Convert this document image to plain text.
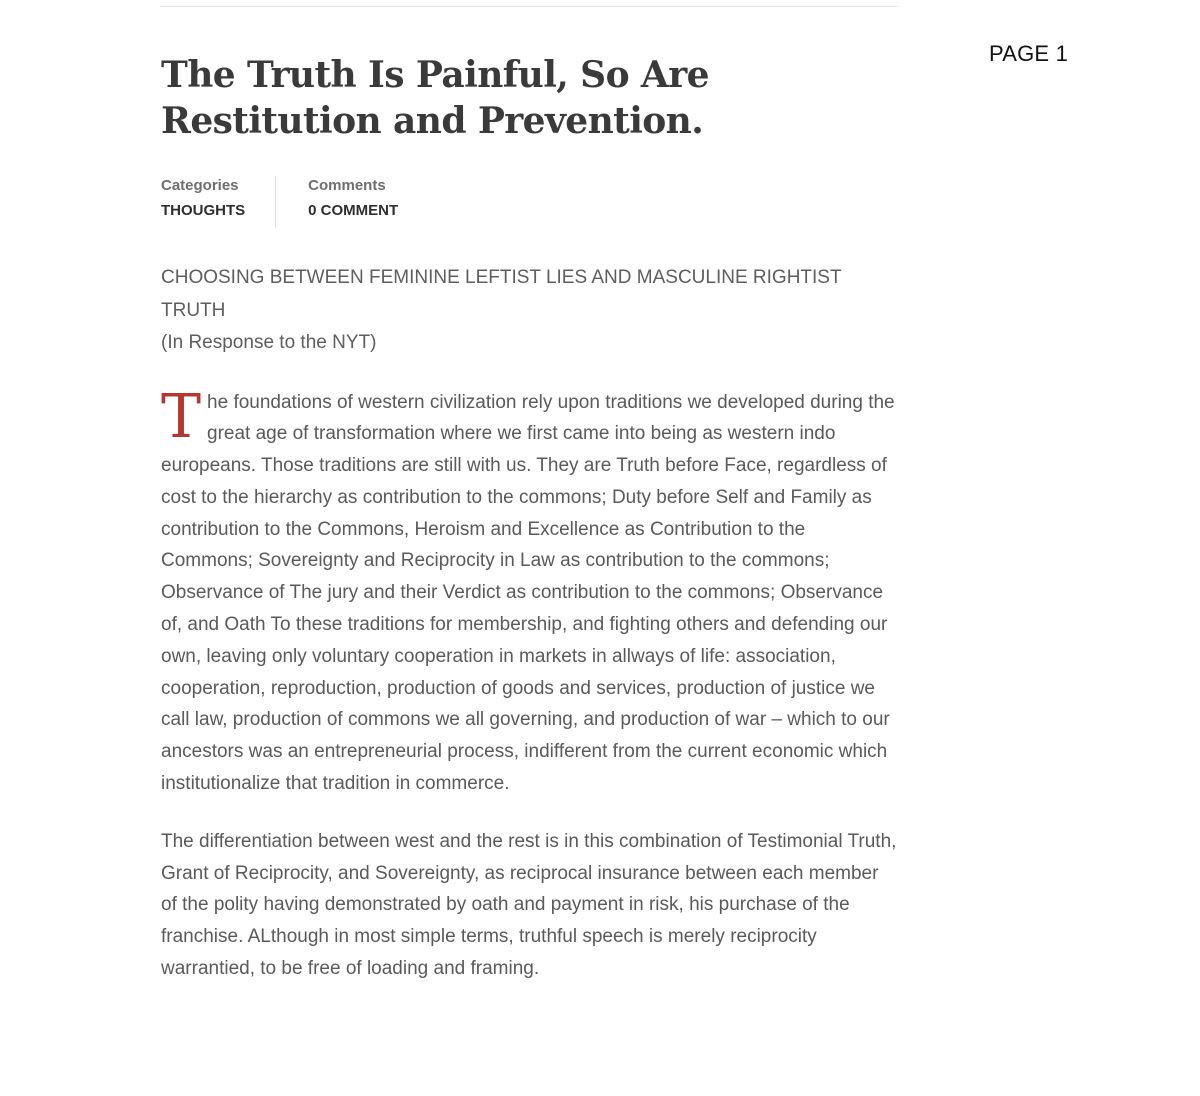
PAGE 1
The Truth Is Painful, So Are Restitution and Prevention.
Categories
THOUGHTS
Comments
0 COMMENT
CHOOSING BETWEEN FEMININE LEFTIST LIES AND MASCULINE RIGHTIST TRUTH
(In Response to the NYT)

The foundations of western civilization rely upon traditions we developed during the great age of transformation where we first came into being as western indo europeans. Those traditions are still with us. They are Truth before Face, regardless of cost to the hierarchy as contribution to the commons; Duty before Self and Family as contribution to the Commons, Heroism and Excellence as Contribution to the Commons; Sovereignty and Reciprocity in Law as contribution to the commons; Observance of The jury and their Verdict as contribution to the commons; Observance of, and Oath To these traditions for membership, and fighting others and defending our own, leaving only voluntary cooperation in markets in allways of life: association, cooperation, reproduction, production of goods and services, production of justice we call law, production of commons we all governing, and production of war – which to our ancestors was an entrepreneurial process, indifferent from the current economic which institutionalize that tradition in commerce.

The differentiation between west and the rest is in this combination of Testimonial Truth, Grant of Reciprocity, and Sovereignty, as reciprocal insurance between each member of the polity having demonstrated by oath and payment in risk, his purchase of the franchise. ALthough in most simple terms, truthful speech is merely reciprocity warrantied, to be free of loading and framing.
